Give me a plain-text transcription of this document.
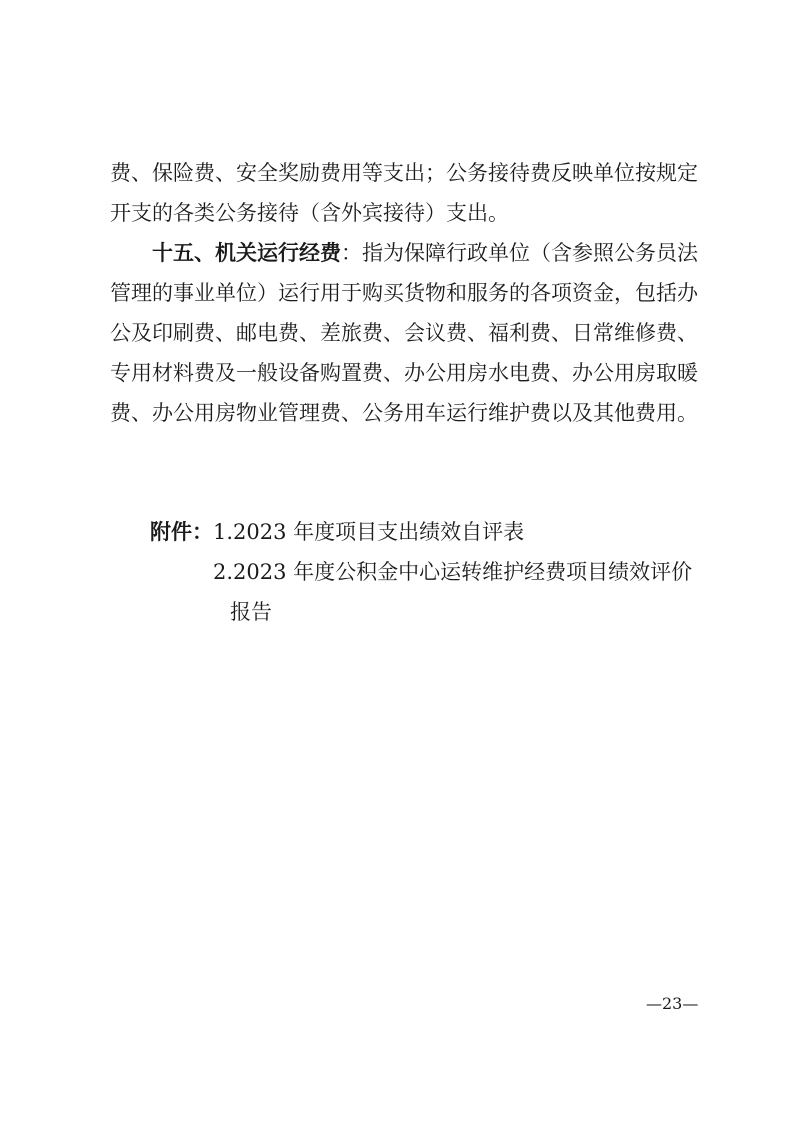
费、保险费、安全奖励费用等支出；公务接待费反映单位按规定
开支的各类公务接待（含外宾接待）支出。
十五、机关运行经费：指为保障行政单位（含参照公务员法
管理的事业单位）运行用于购买货物和服务的各项资金，包括办
公及印刷费、邮电费、差旅费、会议费、福利费、日常维修费、
专用材料费及一般设备购置费、办公用房水电费、办公用房取暖
费、办公用房物业管理费、公务用车运行维护费以及其他费用。
附件：1.2023 年度项目支出绩效自评表
2.2023 年度公积金中心运转维护经费项目绩效评价
报告
—23—
